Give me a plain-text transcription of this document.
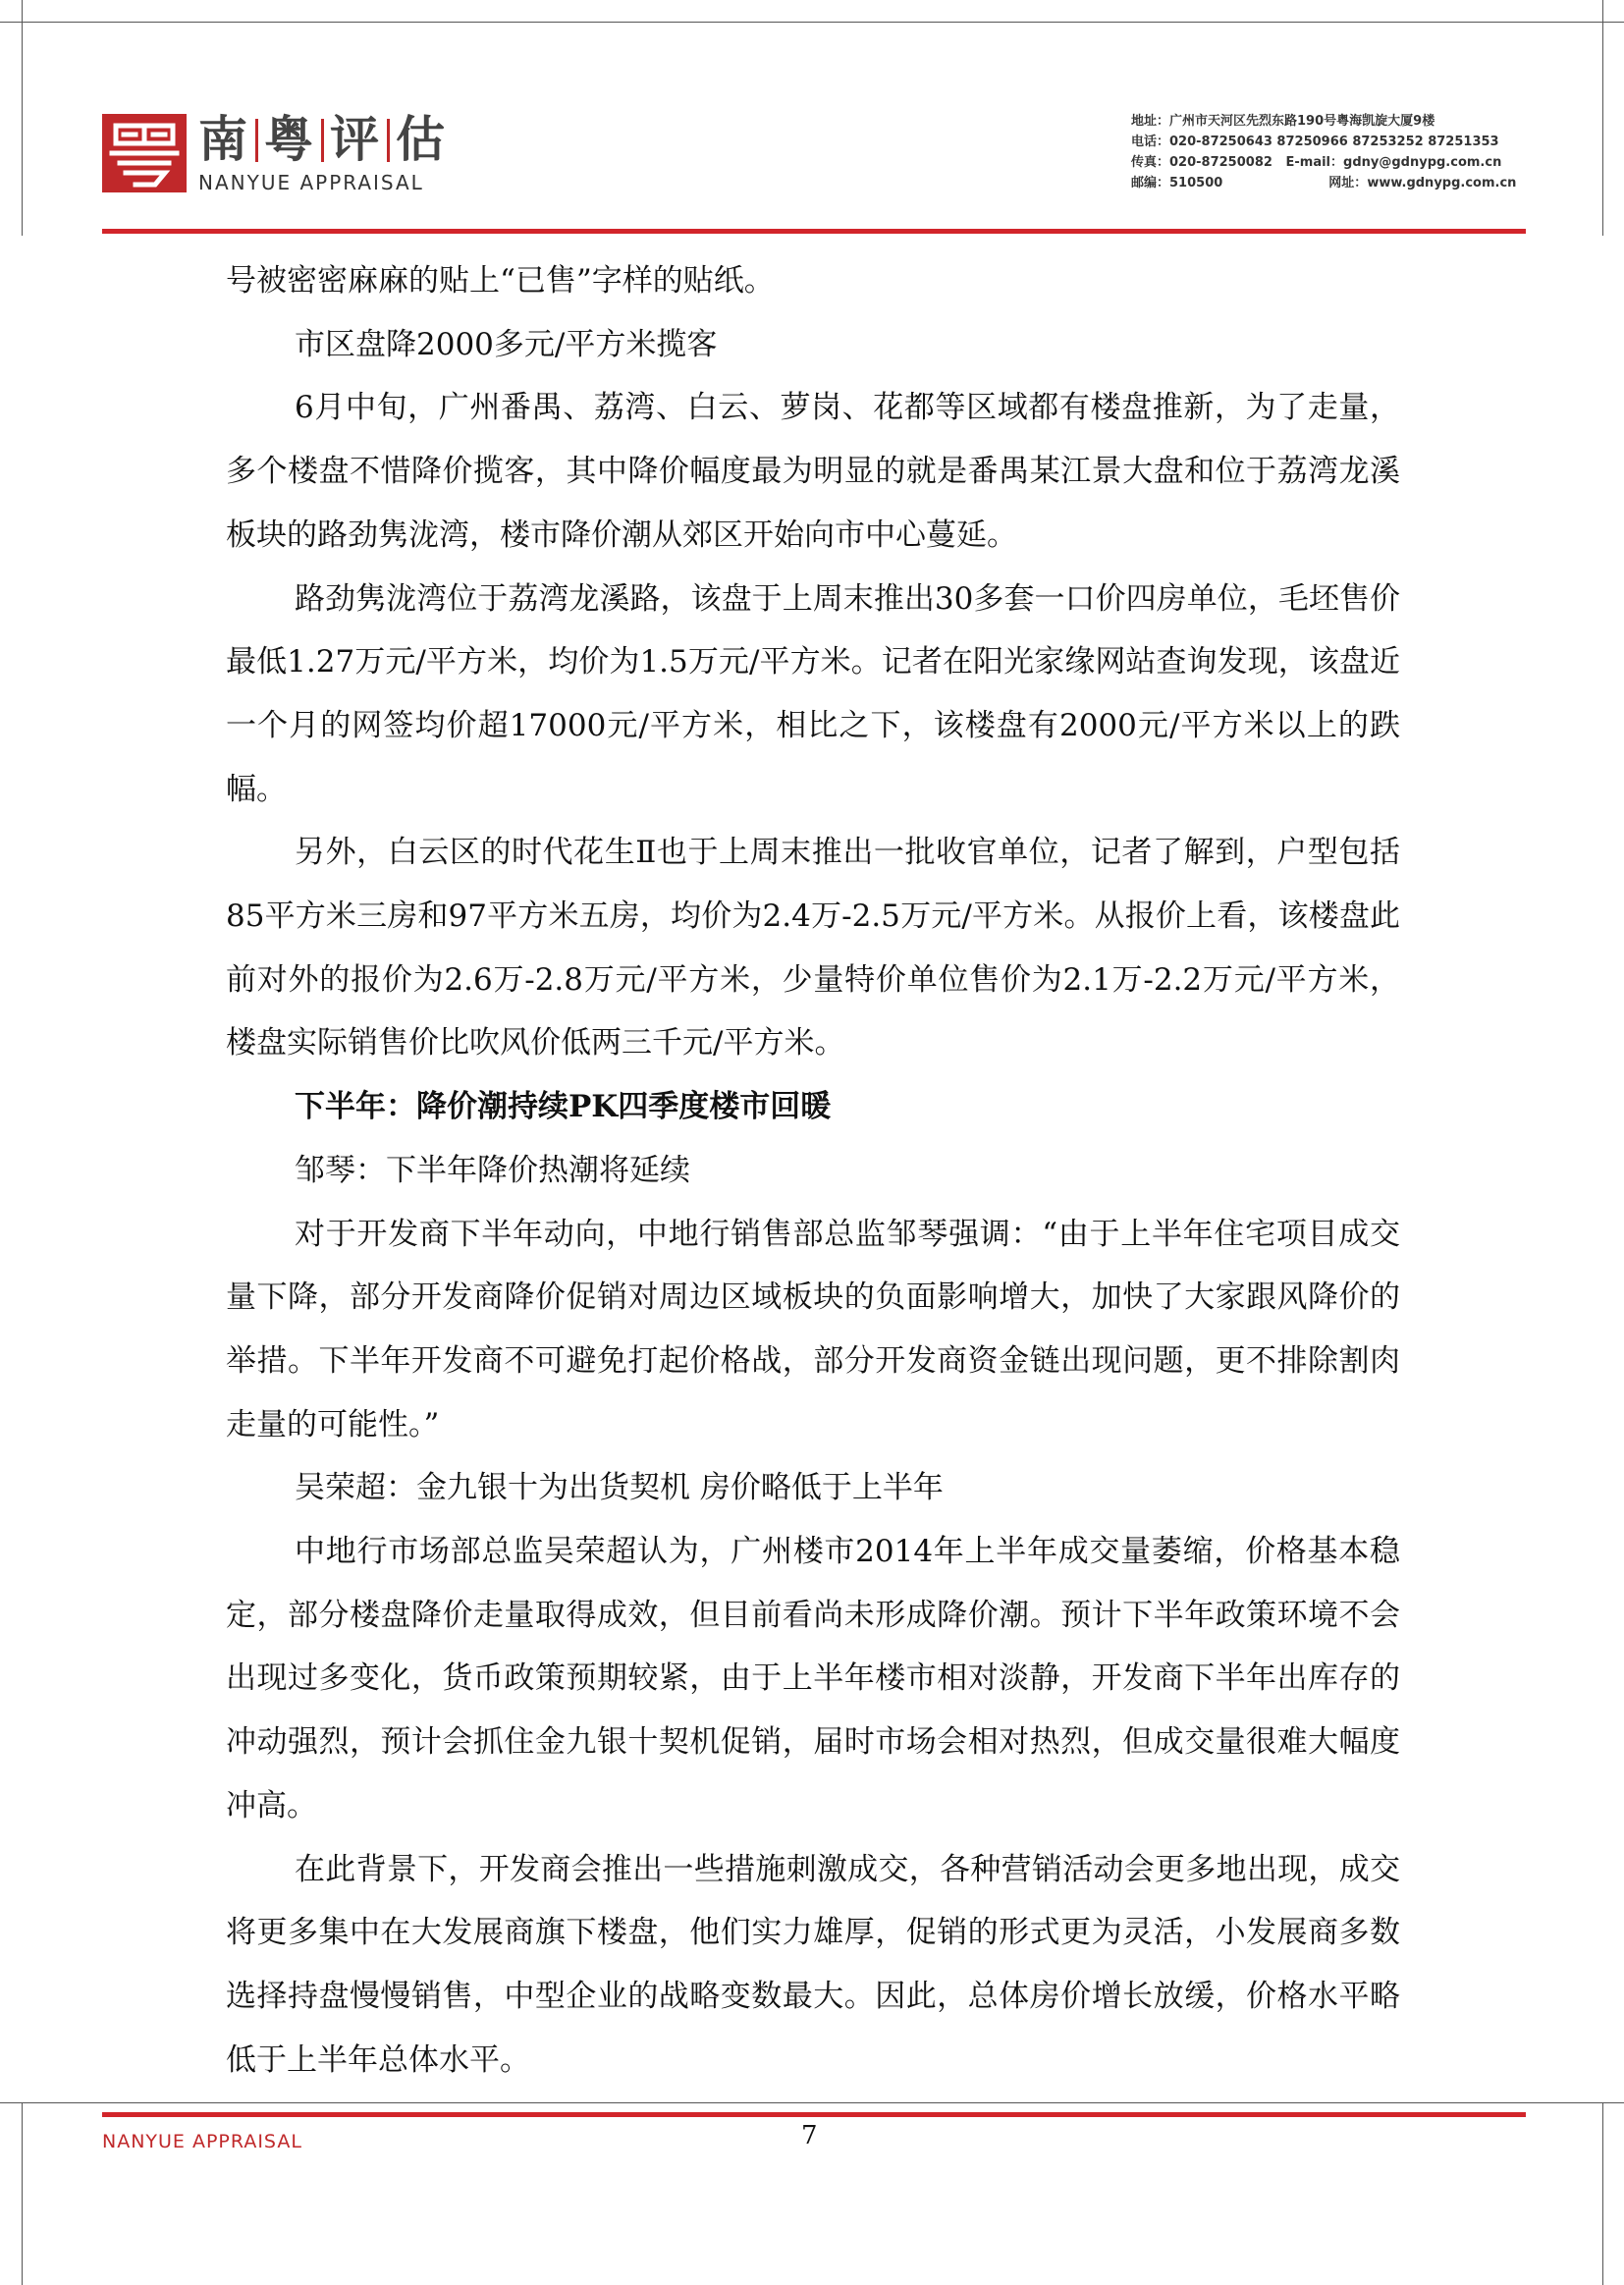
南 粤 评 估
NANYUE APPRAISAL
地址：广州市天河区先烈东路190号粤海凯旋大厦9楼
电话：020-87250643 87250966 87253252 87251353
传真：020-87250082 E-mail：gdny@gdnypg.com.cn
邮编：510500	网址：www.gdnypg.com.cn

号被密密麻麻的贴上“已售”字样的贴纸。

市区盘降2000多元/平方米揽客

6月中旬，广州番禺、荔湾、白云、萝岗、花都等区域都有楼盘推新，为了走量，多个楼盘不惜降价揽客，其中降价幅度最为明显的就是番禺某江景大盘和位于荔湾龙溪板块的路劲隽泷湾，楼市降价潮从郊区开始向市中心蔓延。

路劲隽泷湾位于荔湾龙溪路，该盘于上周末推出30多套一口价四房单位，毛坯售价最低1.27万元/平方米，均价为1.5万元/平方米。记者在阳光家缘网站查询发现，该盘近一个月的网签均价超17000元/平方米，相比之下，该楼盘有2000元/平方米以上的跌幅。

另外，白云区的时代花生Ⅱ也于上周末推出一批收官单位，记者了解到，户型包括85平方米三房和97平方米五房，均价为2.4万-2.5万元/平方米。从报价上看，该楼盘此前对外的报价为2.6万-2.8万元/平方米，少量特价单位售价为2.1万-2.2万元/平方米，楼盘实际销售价比吹风价低两三千元/平方米。

下半年：降价潮持续PK四季度楼市回暖

邹琴：下半年降价热潮将延续

对于开发商下半年动向，中地行销售部总监邹琴强调：“由于上半年住宅项目成交量下降，部分开发商降价促销对周边区域板块的负面影响增大，加快了大家跟风降价的举措。下半年开发商不可避免打起价格战，部分开发商资金链出现问题，更不排除割肉走量的可能性。”

吴荣超：金九银十为出货契机 房价略低于上半年

中地行市场部总监吴荣超认为，广州楼市2014年上半年成交量萎缩，价格基本稳定，部分楼盘降价走量取得成效，但目前看尚未形成降价潮。预计下半年政策环境不会出现过多变化，货币政策预期较紧，由于上半年楼市相对淡静，开发商下半年出库存的冲动强烈，预计会抓住金九银十契机促销，届时市场会相对热烈，但成交量很难大幅度冲高。

在此背景下，开发商会推出一些措施刺激成交，各种营销活动会更多地出现，成交将更多集中在大发展商旗下楼盘，他们实力雄厚，促销的形式更为灵活，小发展商多数选择持盘慢慢销售，中型企业的战略变数最大。因此，总体房价增长放缓，价格水平略低于上半年总体水平。

NANYUE APPRAISAL	7
